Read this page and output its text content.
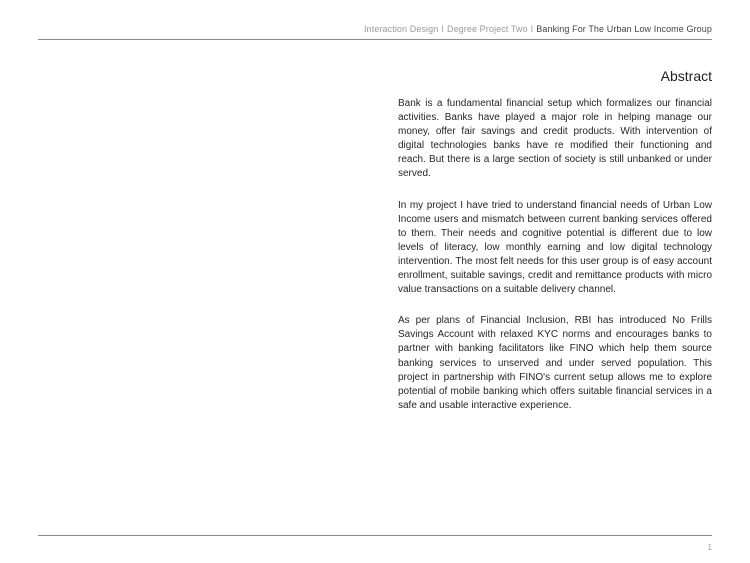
Interaction Design I Degree Project Two I Banking For The Urban Low Income Group
Abstract

Bank is a fundamental financial setup which formalizes our financial activities. Banks have played a major role in helping manage our money, offer fair savings and credit products. With intervention of digital technologies banks have re modified their functioning and reach. But there is a large section of society is still unbanked or under served.

In my project I have tried to understand financial needs of Urban Low Income users and mismatch between current banking services offered to them. Their needs and cognitive potential is different due to low levels of literacy, low monthly earning and low digital technology intervention. The most felt needs for this user group is of easy account enrollment, suitable savings, credit and remittance products with micro value transactions on a suitable delivery channel.

As per plans of Financial Inclusion, RBI has introduced No Frills Savings Account with relaxed KYC norms and encourages banks to partner with banking facilitators like FINO which help them source banking services to unserved and under served population. This project in partnership with FINO's current setup allows me to explore potential of mobile banking which offers suitable financial services in a safe and usable interactive experience.

1
